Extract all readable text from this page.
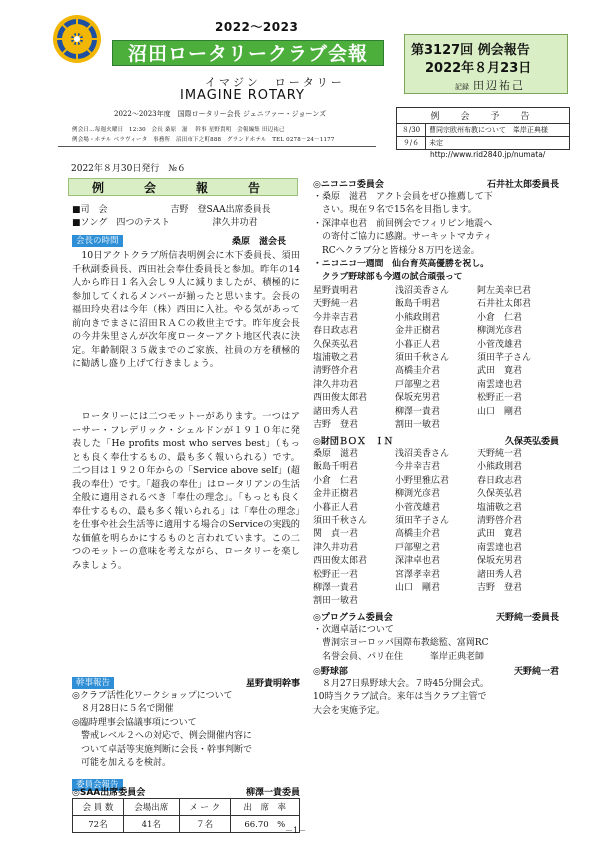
2022～2023
沼田ロータリークラブ会報
イマジン　ロータリー
IMAGINE ROTARY
第3127回 例会報告
2022年８月23日
記録 田辺祐己
2022～2023年度　国際ロータリー会長 ジェニファー・ジョーンズ
例会日…毎週火曜日　12:30　会長 桑原　滋　 幹事 星野貴明　会報編集 田辺祐己
例会場・ホテル ベラヴィータ　事務所　沼田市下之町888　グランドホテル　TEL 0278－24－1177
例　会　予　告
８/30	曹同宗欧州布教について　峯岸正典様
９/６	未定
http://www.rid2840.jp/numata/
2022年８月30日発行　№６
例　会　報　告
■ 司　会	吉野　登SAA出席委員長
■ ソング　四つのテスト	津久井功君
会長の時間	桑原　滋会長
　10日アクトクラブ所信表明例会に木下委員長、須田千秋副委員長、西田社会奉仕委員長と参加。昨年の14人から昨日１名入会し９人に減りましたが、積極的に参加してくれるメンバーが揃ったと思います。会長の福田玲央君は今年（株）西田に入社。やる気があって前向きでまさに沼田ＲＡＣの救世主です。昨年度会長の今井朱里さんが次年度ローターアクト地区代表に決定。年齢制限３５歳までのご家族、社員の方を積極的に勧誘し盛り上げて行きましょう。
　ロータリーには二つモットーがあります。一つはアーサー・フレデリック・シェルドンが１９１０年に発表した「He profits most who serves best」（もっとも良く奉仕するもの、最も多く報いられる）です。二つ目は１９２０年からの「Service above self」(超我の奉仕）です。「超我の奉仕」はロータリアンの生活全般に適用されるべき「奉仕の理念」。「もっとも良く奉仕するもの、最も多く報いられる」は「奉仕の理念」を仕事や社会生活等に適用する場合のServiceの実践的な価値を明らかにするものと言われています。この二つのモットーの意味を考えながら、ロータリーを楽しみましょう。
幹事報告	星野貴明幹事
◎クラブ活性化ワークショップについて
　８月28日に５名で開催
◎臨時理事会協議事項について
　警戒レベル２への対応で、例会開催内容に
　ついて卓話等実施判断に会長・幹事判断で
　可能を加えるを検討。
委員会報告
◎SAA出席委員会	柳澤一貴委員
会 員 数	会場出席	メ ー ク	出　席　率
72名	41名	７名	66.70　%
◎ニコニコ委員会	石井社太郎委員長
・桑原　滋君　アクト会員をぜひ推薦して下
　さい。現在９名で15名を目指します。
・深津卓也君　前回例会でフィリピン地震へ
　の寄付ご協力に感謝。サーキットマカティ
　RCへクラブ分と皆様分８万円を送金。
・ニコニコ一週間　仙台育英高優勝を祝し。
　クラブ野球部も今週の試合頑張って
星野貴明君	浅沼美香さん	阿左美幸巳君
天野純一君	飯島千明君	石井社太郎君
今井幸吉君	小熊政則君	小倉　仁君
春日政志君	金井正樹君	柳渕光彦君
久保英弘君	小暮正人君	小菅茂雄君
塩浦敬之君	須田千秋さん	須田芊子さん
清野啓介君	高橋圭介君	武田　寛君
津久井功君	戸部聖之君	南雲達也君
西田俊太郎君	保坂充男君	松野正一君
諸田秀人君	柳澤一貴君	山口　剛君
吉野　登君	割田一敏君
◎財団ＢＯＸ　ＩＮ	久保英弘委員
桑原　滋君	浅沼美香さん	天野純一君
飯島千明君	今井幸吉君	小熊政則君
小倉　仁君	小野里雅広君	春日政志君
金井正樹君	柳渕光彦君	久保英弘君
小暮正人君	小菅茂雄君	塩浦敬之君
須田千秋さん	須田芊子さん	清野啓介君
関　貞一君	高橋圭介君	武田　寛君
津久井功君	戸部聖之君	南雲達也君
西田俊太郎君	深津卓也君	保坂充男君
松野正一君	宮澤孝幸君	諸田秀人君
柳澤一貴君	山口　剛君	吉野　登君
割田一敏君
◎プログラム委員会	天野純一委員長
・次週卓話について
　曹洞宗ヨーロッパ国際布教総監、富岡RC
　名誉会員、パリ在住　　　峯岸正典老師
◎野球部	天野純一君
　８月27日県野球大会。７時45分開会式。
10時当クラブ試合。来年は当クラブ主管で
大会を実施予定。
－1－
